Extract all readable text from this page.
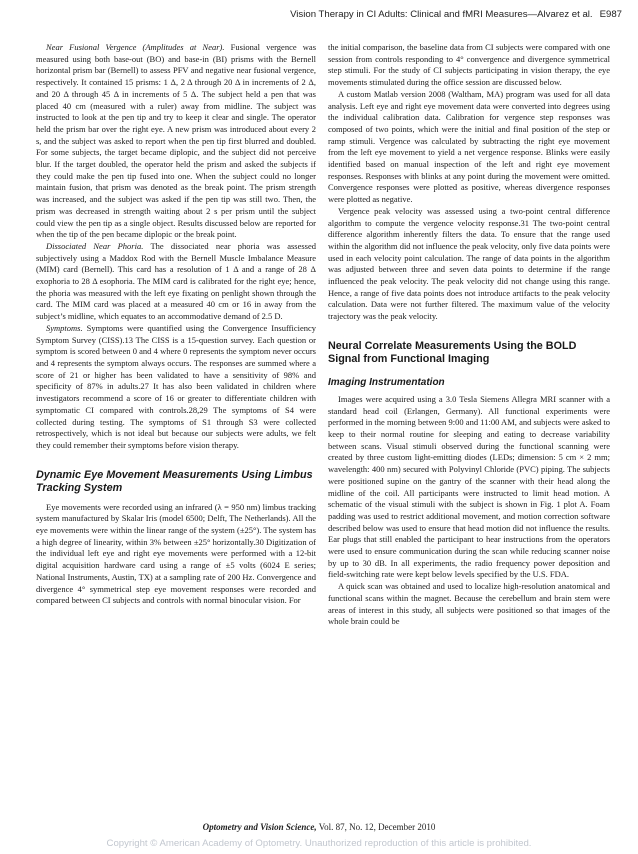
Vision Therapy in CI Adults: Clinical and fMRI Measures—Alvarez et al. E987

Near Fusional Vergence (Amplitudes at Near). Fusional vergence was measured using both base-out (BO) and base-in (BI) prisms with the Bernell horizontal prism bar (Bernell) to assess PFV and negative near fusional vergence, respectively. It contained 15 prisms: 1 Δ, 2 Δ through 20 Δ in increments of 2 Δ, and 20 Δ through 45 Δ in increments of 5 Δ. The subject held a pen that was placed 40 cm (measured with a ruler) away from midline. The subject was instructed to look at the pen tip and try to keep it clear and single. The operator held the prism bar over the right eye. A new prism was introduced about every 2 s, and the subject was asked to report when the pen tip first blurred and doubled. For some subjects, the target became diplopic, and the subject did not perceive blur. If the target doubled, the operator held the prism and asked the subjects if they could make the pen tip fused into one. When the subject could no longer maintain fusion, that prism was denoted as the break point. The prism strength was increased, and the subject was asked if the pen tip was still two. Then, the prism was decreased in strength waiting about 2 s per prism until the subject could view the pen tip as a single object. Results discussed below are reported for when the tip of the pen became diplopic or the break point.

Dissociated Near Phoria. The dissociated near phoria was assessed subjectively using a Maddox Rod with the Bernell Muscle Imbalance Measure (MIM) card (Bernell). This card has a resolution of 1 Δ and a range of 28 Δ exophoria to 28 Δ esophoria. The MIM card is calibrated for the right eye; hence, the phoria was measured with the left eye fixating on penlight shown through the card. The MIM card was placed at a measured 40 cm or 16 in away from the subject’s midline, which equates to an accommodative demand of 2.5 D.

Symptoms. Symptoms were quantified using the Convergence Insufficiency Symptom Survey (CISS).13 The CISS is a 15-question survey. Each question or symptom is scored between 0 and 4 where 0 represents the symptom never occurs and 4 represents the symptom always occurs. The responses are summed where a score of 21 or higher has been validated to have a sensitivity of 98% and specificity of 87% in adults.27 It has also been validated in children where investigators recommend a score of 16 or greater to differentiate children with symptomatic CI compared with controls.28,29 The symptoms of S4 were collected during testing. The symptoms of S1 through S3 were collected retrospectively, which is not ideal but because our subjects were adults, we felt they could remember their symptoms before vision therapy.

Dynamic Eye Movement Measurements Using Limbus Tracking System

Eye movements were recorded using an infrared (λ = 950 nm) limbus tracking system manufactured by Skalar Iris (model 6500; Delft, The Netherlands). All the eye movements were within the linear range of the system (±25°). The system has a high degree of linearity, within 3% between ±25° horizontally.30 Digitization of the individual left eye and right eye movements were performed with a 12-bit digital acquisition hardware card using a range of ±5 volts (6024 E series; National Instruments, Austin, TX) at a sampling rate of 200 Hz. Convergence and divergence 4° symmetrical step eye movement responses were recorded and compared between CI subjects and controls with normal binocular vision. For

the initial comparison, the baseline data from CI subjects were compared with one session from controls responding to 4° convergence and divergence symmetrical step stimuli. For the study of CI subjects participating in vision therapy, the eye movements stimulated during the office session are discussed below.

A custom Matlab version 2008 (Waltham, MA) program was used for all data analysis. Left eye and right eye movement data were converted into degrees using the individual calibration data. Calibration for vergence step responses was composed of two points, which were the initial and final position of the step or ramp stimuli. Vergence was calculated by subtracting the right eye movement from the left eye movement to yield a net vergence response. Blinks were easily identified based on manual inspection of the left and right eye movement responses. Responses with blinks at any point during the movement were omitted. Convergence responses were plotted as positive, whereas divergence responses were plotted as negative.

Vergence peak velocity was assessed using a two-point central difference algorithm to compute the vergence velocity response.31 The two-point central difference algorithm inherently filters the data. To ensure that the range used within the algorithm did not influence the peak velocity, only five data points were used in each velocity point calculation. The range of data points in the algorithm was adjusted between three and seven data points to determine if the range influenced the peak velocity. The peak velocity did not change using this range. Hence, a range of five data points does not introduce artifacts to the peak velocity calculation. Data were not further filtered. The maximum value of the velocity trajectory was the peak velocity.

Neural Correlate Measurements Using the BOLD Signal from Functional Imaging
Imaging Instrumentation

Images were acquired using a 3.0 Tesla Siemens Allegra MRI scanner with a standard head coil (Erlangen, Germany). All functional experiments were performed in the morning between 9:00 and 11:00 AM, and subjects were asked to keep to their normal routine for sleeping and eating to decrease variability between scans. Visual stimuli observed during the functional scanning were created by three custom light-emitting diodes (LEDs; dimension: 5 cm × 2 mm; wavelength: 400 nm) secured with Polyvinyl Chloride (PVC) piping. The subjects were positioned supine on the gantry of the scanner with their head along the midline of the coil. All participants were instructed to limit head motion. A schematic of the visual stimuli with the subject is shown in Fig. 1 plot A. Foam padding was used to restrict additional movement, and motion correction software described below was used to ensure that head motion did not influence the results. Ear plugs that still enabled the participant to hear instructions from the operators were used to ensure communication during the scan while reducing scanner noise by up to 30 dB. In all experiments, the radio frequency power deposition and field-switching rate were kept below levels specified by the U.S. FDA.

A quick scan was obtained and used to localize high-resolution anatomical and functional scans within the magnet. Because the cerebellum and brain stem were areas of interest in this study, all subjects were positioned so that images of the whole brain could be

Optometry and Vision Science, Vol. 87, No. 12, December 2010
Copyright © American Academy of Optometry. Unauthorized reproduction of this article is prohibited.
